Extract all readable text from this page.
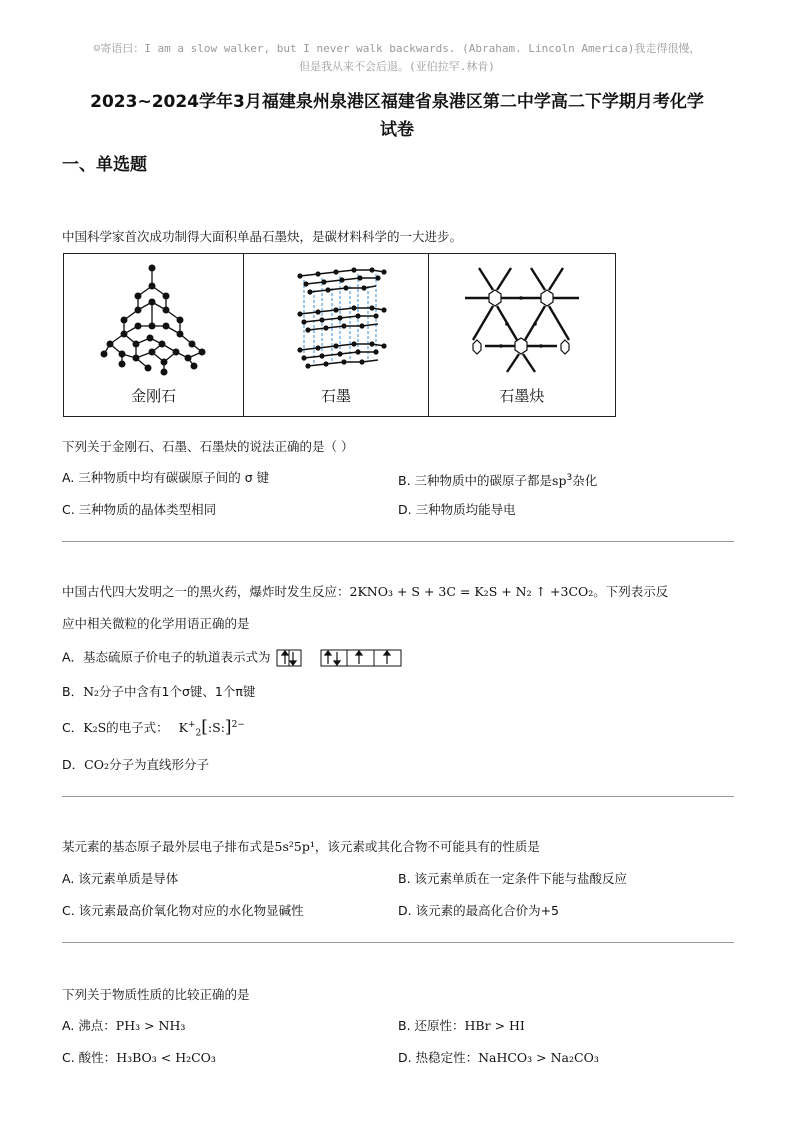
☺寄语曰：I am a slow walker, but I never walk backwards. (Abraham. Lincoln America)我走得很慢，
但是我从来不会后退。(亚伯拉罕.林肯)
2023~2024学年3月福建泉州泉港区福建省泉港区第二中学高二下学期月考化学
试卷
一、单选题
中国科学家首次成功制得大面积单晶石墨炔，是碳材料科学的一大进步。
金刚石	石墨	石墨炔
下列关于金刚石、石墨、石墨炔的说法正确的是（ ）
A. 三种物质中均有碳碳原子间的 σ 键	B. 三种物质中的碳原子都是$sp^3$杂化
C. 三种物质的晶体类型相同	D. 三种物质均能导电
中国古代四大发明之一的黑火药，爆炸时发生反应：2KNO₃ + S + 3C = K₂S + N₂ ↑ +3CO₂。下列表示反
应中相关微粒的化学用语正确的是
A．基态硫原子价电子的轨道表示式为
B．N₂分子中含有1个σ键、1个π键
C．K₂S的电子式： $K^+_2[:S:]^{2-}$
D．CO₂分子为直线形分子
某元素的基态原子最外层电子排布式是5s²5p¹，该元素或其化合物不可能具有的性质是
A. 该元素单质是导体	B. 该元素单质在一定条件下能与盐酸反应
C. 该元素最高价氧化物对应的水化物显碱性	D. 该元素的最高化合价为+5
下列关于物质性质的比较正确的是
A. 沸点：PH₃ > NH₃	B. 还原性：HBr > HI
C. 酸性：H₃BO₃ < H₂CO₃	D. 热稳定性：NaHCO₃ > Na₂CO₃
